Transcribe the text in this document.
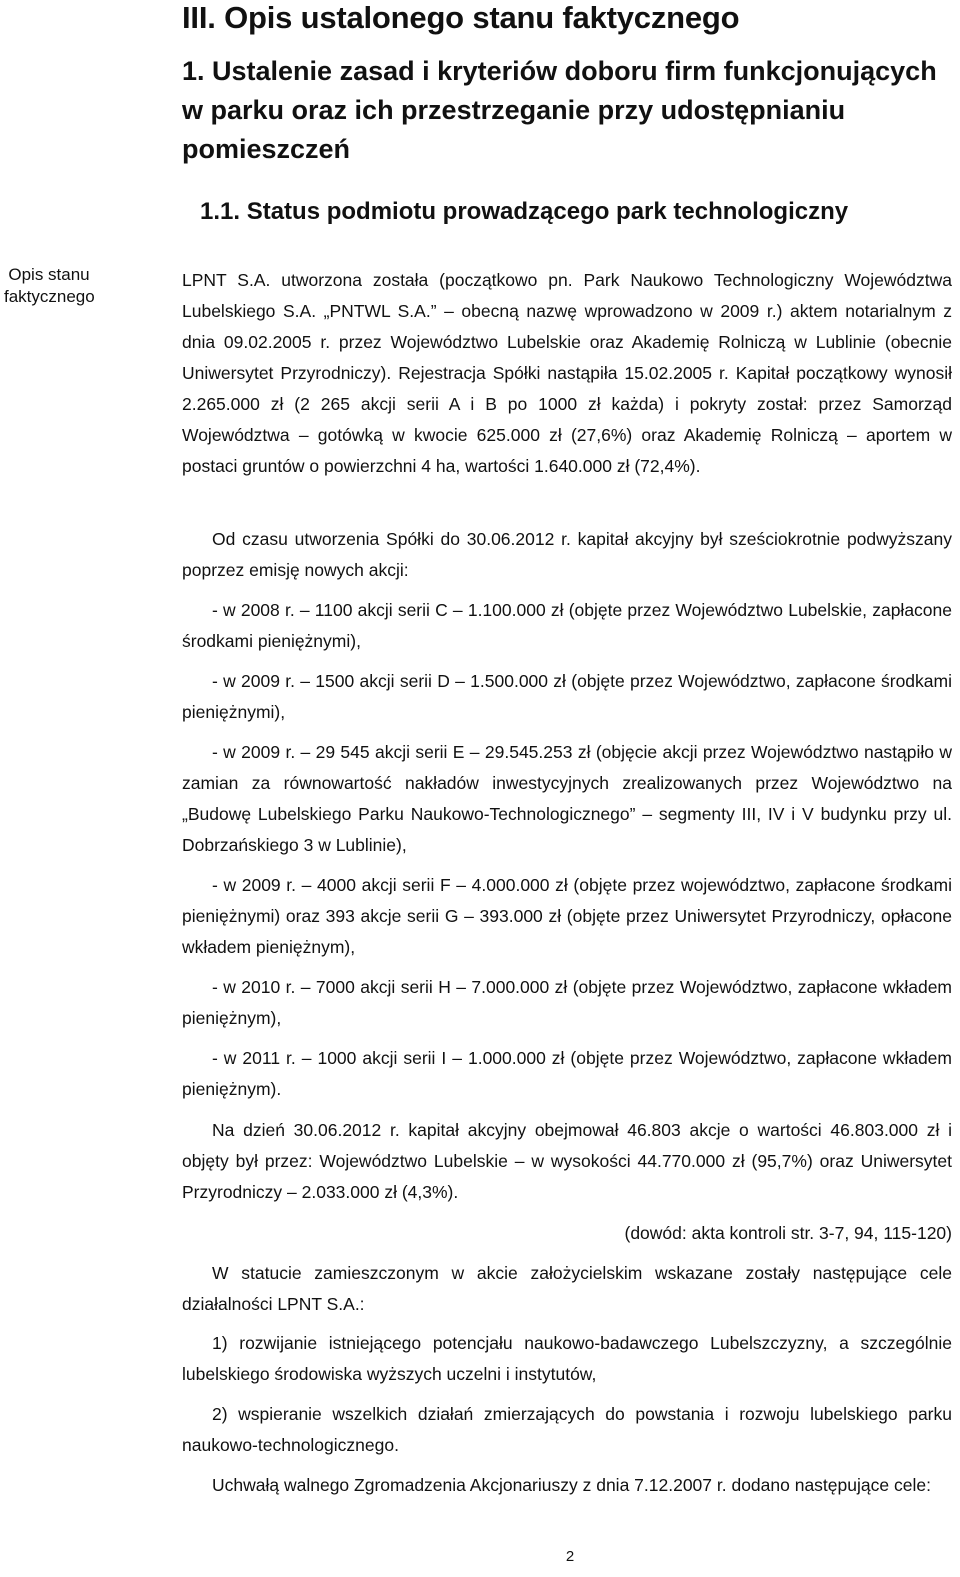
III. Opis ustalonego stanu faktycznego
1. Ustalenie zasad i kryteriów doboru firm funkcjonujących w parku oraz ich przestrzeganie przy udostępnianiu pomieszczeń
1.1. Status podmiotu prowadzącego park technologiczny
Opis stanu faktycznego

LPNT S.A. utworzona została (początkowo pn. Park Naukowo Technologiczny Województwa Lubelskiego S.A. „PNTWL S.A.” – obecną nazwę wprowadzono w 2009 r.) aktem notarialnym z dnia 09.02.2005 r. przez Województwo Lubelskie oraz Akademię Rolniczą w Lublinie (obecnie Uniwersytet Przyrodniczy). Rejestracja Spółki nastąpiła 15.02.2005 r. Kapitał początkowy wynosił 2.265.000 zł (2 265 akcji serii A i B po 1000 zł każda) i pokryty został: przez Samorząd Województwa – gotówką w kwocie 625.000 zł (27,6%) oraz Akademię Rolniczą – aportem w postaci gruntów o powierzchni 4 ha, wartości 1.640.000 zł (72,4%).

Od czasu utworzenia Spółki do 30.06.2012 r. kapitał akcyjny był sześciokrotnie podwyższany poprzez emisję nowych akcji:

- w 2008 r. – 1100 akcji serii C – 1.100.000 zł (objęte przez Województwo Lubelskie, zapłacone środkami pieniężnymi),

- w 2009 r. – 1500 akcji serii D – 1.500.000 zł (objęte przez Województwo, zapłacone środkami pieniężnymi),

- w 2009 r. – 29 545 akcji serii E – 29.545.253 zł (objęcie akcji przez Województwo nastąpiło w zamian za równowartość nakładów inwestycyjnych zrealizowanych przez Województwo na „Budowę Lubelskiego Parku Naukowo-Technologicznego” – segmenty III, IV i V budynku przy ul. Dobrzańskiego 3 w Lublinie),

- w 2009 r. – 4000 akcji serii F – 4.000.000 zł (objęte przez województwo, zapłacone środkami pieniężnymi) oraz 393 akcje serii G – 393.000 zł (objęte przez Uniwersytet Przyrodniczy, opłacone wkładem pieniężnym),

- w 2010 r. – 7000 akcji serii H – 7.000.000 zł (objęte przez Województwo, zapłacone wkładem pieniężnym),

- w 2011 r. – 1000 akcji serii I – 1.000.000 zł (objęte przez Województwo, zapłacone wkładem pieniężnym).

Na dzień 30.06.2012 r. kapitał akcyjny obejmował 46.803 akcje o wartości 46.803.000 zł i objęty był przez: Województwo Lubelskie – w wysokości 44.770.000 zł (95,7%) oraz Uniwersytet Przyrodniczy – 2.033.000 zł (4,3%).

(dowód: akta kontroli str. 3-7, 94, 115-120)

W statucie zamieszczonym w akcie założycielskim wskazane zostały następujące cele działalności LPNT S.A.:

1) rozwijanie istniejącego potencjału naukowo-badawczego Lubelszczyzny, a szczególnie lubelskiego środowiska wyższych uczelni i instytutów,

2) wspieranie wszelkich działań zmierzających do powstania i rozwoju lubelskiego parku naukowo-technologicznego.

Uchwałą walnego Zgromadzenia Akcjonariuszy z dnia 7.12.2007 r. dodano następujące cele:

2
